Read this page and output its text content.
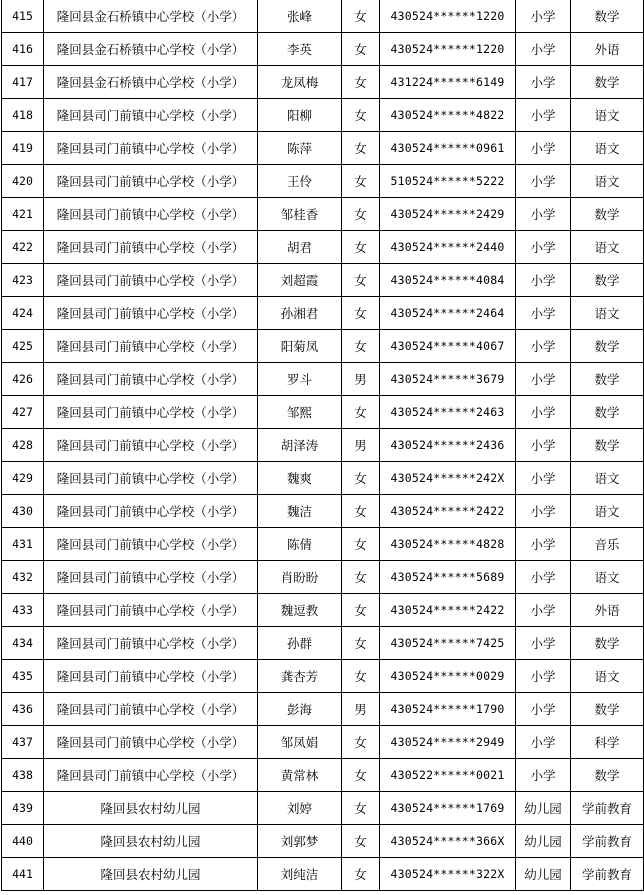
415	隆回县金石桥镇中心学校（小学）	张峰	女	430524******1220	小学	数学
416	隆回县金石桥镇中心学校（小学）	李英	女	430524******1220	小学	外语
417	隆回县金石桥镇中心学校（小学）	龙凤梅	女	431224******6149	小学	数学
418	隆回县司门前镇中心学校（小学）	阳柳	女	430524******4822	小学	语文
419	隆回县司门前镇中心学校（小学）	陈萍	女	430524******0961	小学	语文
420	隆回县司门前镇中心学校（小学）	王伶	女	510524******5222	小学	语文
421	隆回县司门前镇中心学校（小学）	邹桂香	女	430524******2429	小学	数学
422	隆回县司门前镇中心学校（小学）	胡君	女	430524******2440	小学	语文
423	隆回县司门前镇中心学校（小学）	刘超霞	女	430524******4084	小学	数学
424	隆回县司门前镇中心学校（小学）	孙湘君	女	430524******2464	小学	语文
425	隆回县司门前镇中心学校（小学）	阳菊凤	女	430524******4067	小学	数学
426	隆回县司门前镇中心学校（小学）	罗斗	男	430524******3679	小学	数学
427	隆回县司门前镇中心学校（小学）	邹熙	女	430524******2463	小学	数学
428	隆回县司门前镇中心学校（小学）	胡泽涛	男	430524******2436	小学	数学
429	隆回县司门前镇中心学校（小学）	魏爽	女	430524******242X	小学	语文
430	隆回县司门前镇中心学校（小学）	魏洁	女	430524******2422	小学	语文
431	隆回县司门前镇中心学校（小学）	陈倩	女	430524******4828	小学	音乐
432	隆回县司门前镇中心学校（小学）	肖盼盼	女	430524******5689	小学	语文
433	隆回县司门前镇中心学校（小学）	魏逗教	女	430524******2422	小学	外语
434	隆回县司门前镇中心学校（小学）	孙群	女	430524******7425	小学	数学
435	隆回县司门前镇中心学校（小学）	龚杏芳	女	430524******0029	小学	语文
436	隆回县司门前镇中心学校（小学）	彭海	男	430524******1790	小学	数学
437	隆回县司门前镇中心学校（小学）	邹凤娟	女	430524******2949	小学	科学
438	隆回县司门前镇中心学校（小学）	黄常林	女	430522******0021	小学	数学
439	隆回县农村幼儿园	刘婷	女	430524******1769	幼儿园	学前教育
440	隆回县农村幼儿园	刘郭梦	女	430524******366X	幼儿园	学前教育
441	隆回县农村幼儿园	刘纯洁	女	430524******322X	幼儿园	学前教育
